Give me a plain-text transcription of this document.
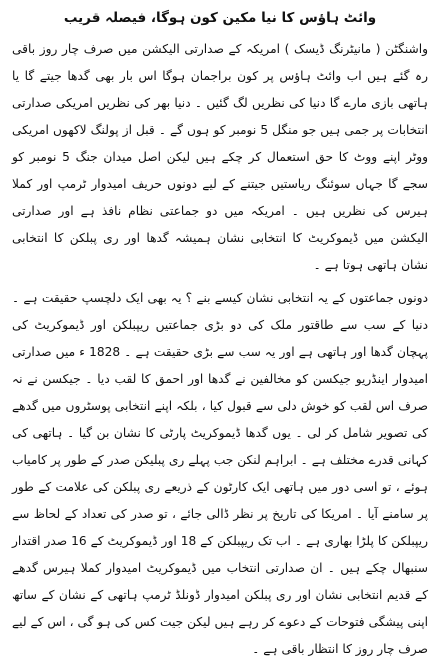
وائٹ ہاؤس کا نیا مکین کون ہوگا، فیصلہ قریب
واشنگٹن ( مانیٹرنگ ڈیسک ) امریکہ کے صدارتی الیکشن میں صرف چار روز باقی رہ گئے ہیں اب وائٹ ہاؤس پر کون براجمان ہوگا اس بار بھی گدھا جیتے گا یا ہاتھی بازی مارے گا دنیا کی نظریں لگ گئیں ۔ دنیا بھر کی نظریں امریکی صدارتی انتخابات پر جمی ہیں جو منگل 5 نومبر کو ہوں گے ۔ قبل از پولنگ لاکھوں امریکی ووٹر اپنے ووٹ کا حق استعمال کر چکے ہیں لیکن اصل میدان جنگ 5 نومبر کو سجے گا جہاں سوئنگ ریاستیں جیتنے کے لیے دونوں حریف امیدوار ٹرمپ اور کملا ہیرس کی نظریں ہیں ۔ امریکہ میں دو جماعتی نظام نافذ ہے اور صدارتی الیکشن میں ڈیموکریٹ کا انتخابی نشان ہمیشہ گدھا اور ری پبلکن کا انتخابی نشان ہاتھی ہوتا ہے ۔
دونوں جماعتوں کے یہ انتخابی نشان کیسے بنے ؟ یہ بھی ایک دلچسپ حقیقت ہے ۔ دنیا کے سب سے طاقتور ملک کی دو بڑی جماعتیں ریپبلکن اور ڈیموکریٹ کی پہچان گدھا اور ہاتھی ہے اور یہ سب سے بڑی حقیقت ہے ۔ 1828 ء میں صدارتی امیدوار اینڈریو جیکسن کو مخالفین نے گدھا اور احمق کا لقب دیا ۔ جیکسن نے نہ صرف اس لقب کو خوش دلی سے قبول کیا ، بلکہ اپنے انتخابی پوسٹروں میں گدھے کی تصویر شامل کر لی ۔ یوں گدھا ڈیموکریٹ پارٹی کا نشان بن گیا ۔ ہاتھی کی کہانی قدرے مختلف ہے ۔ ابراہم لنکن جب پہلے ری پبلیکن صدر کے طور پر کامیاب ہوئے ، تو اسی دور میں ہاتھی ایک کارٹون کے ذریعے ری پبلکن کی علامت کے طور پر سامنے آیا ۔ امریکا کی تاریخ پر نظر ڈالی جائے ، تو صدر کی تعداد کے لحاظ سے ریپبلکن کا پلڑا بھاری ہے ۔ اب تک ریپبلکن کے 18 اور ڈیموکریٹ کے 16 صدر اقتدار سنبھال چکے ہیں ۔ ان صدارتی انتخاب میں ڈیموکریٹ امیدوار کملا ہیرس گدھے کے قدیم انتخابی نشان اور ری پبلکن امیدوار ڈونلڈ ٹرمپ ہاتھی کے نشان کے ساتھ اپنی پیشگی فتوحات کے دعوے کر رہے ہیں لیکن جیت کس کی ہو گی ، اس کے لیے صرف چار روز کا انتظار باقی ہے ۔
